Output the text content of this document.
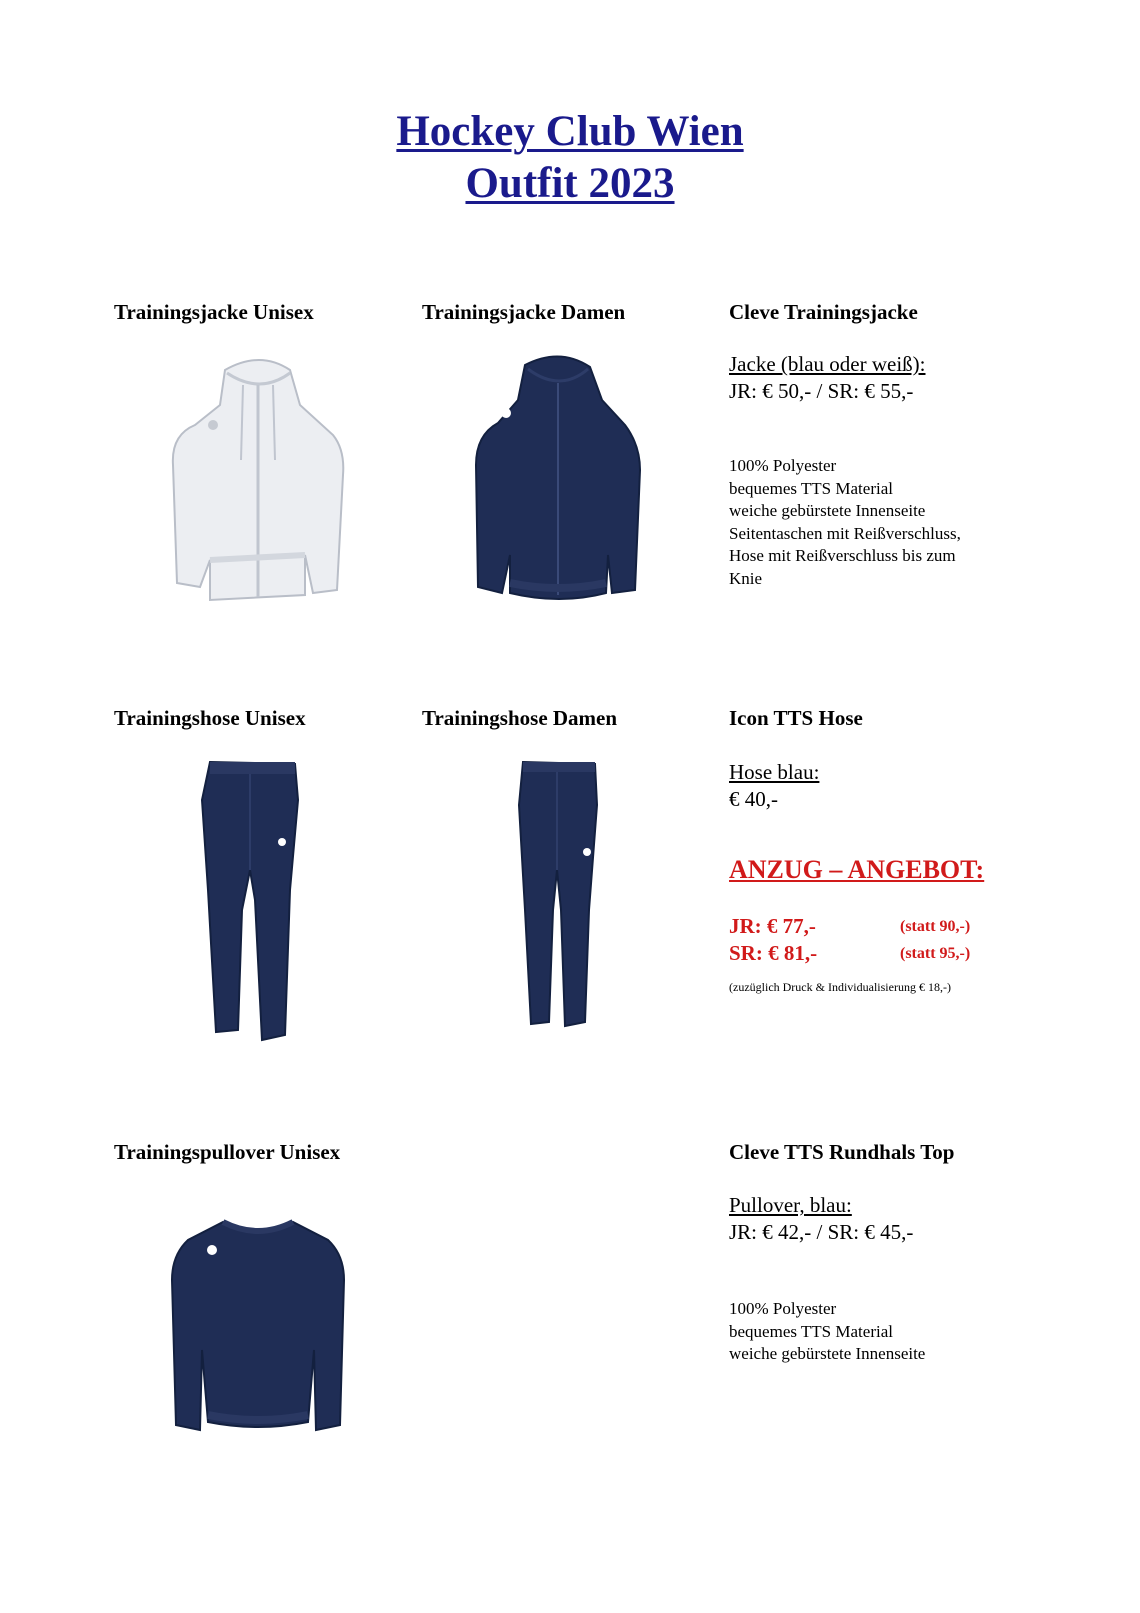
Hockey Club Wien
Outfit 2023
Trainingsjacke Unisex	Trainingsjacke Damen	Cleve Trainingsjacke
Jacke (blau oder weiß):
JR: € 50,- / SR: € 55,-
100% Polyester
bequemes TTS Material
weiche gebürstete Innenseite
Seitentaschen mit Reißverschluss,
Hose mit Reißverschluss bis zum
Knie
Trainingshose Unisex	Trainingshose Damen	Icon TTS Hose
Hose blau:
€ 40,-
ANZUG – ANGEBOT:
JR: € 77,-	(statt 90,-)
SR: € 81,-	(statt 95,-)
(zuzüglich Druck & Individualisierung € 18,-)
Trainingspullover Unisex	Cleve TTS Rundhals Top
Pullover, blau:
JR: € 42,- / SR: € 45,-
100% Polyester
bequemes TTS Material
weiche gebürstete Innenseite
